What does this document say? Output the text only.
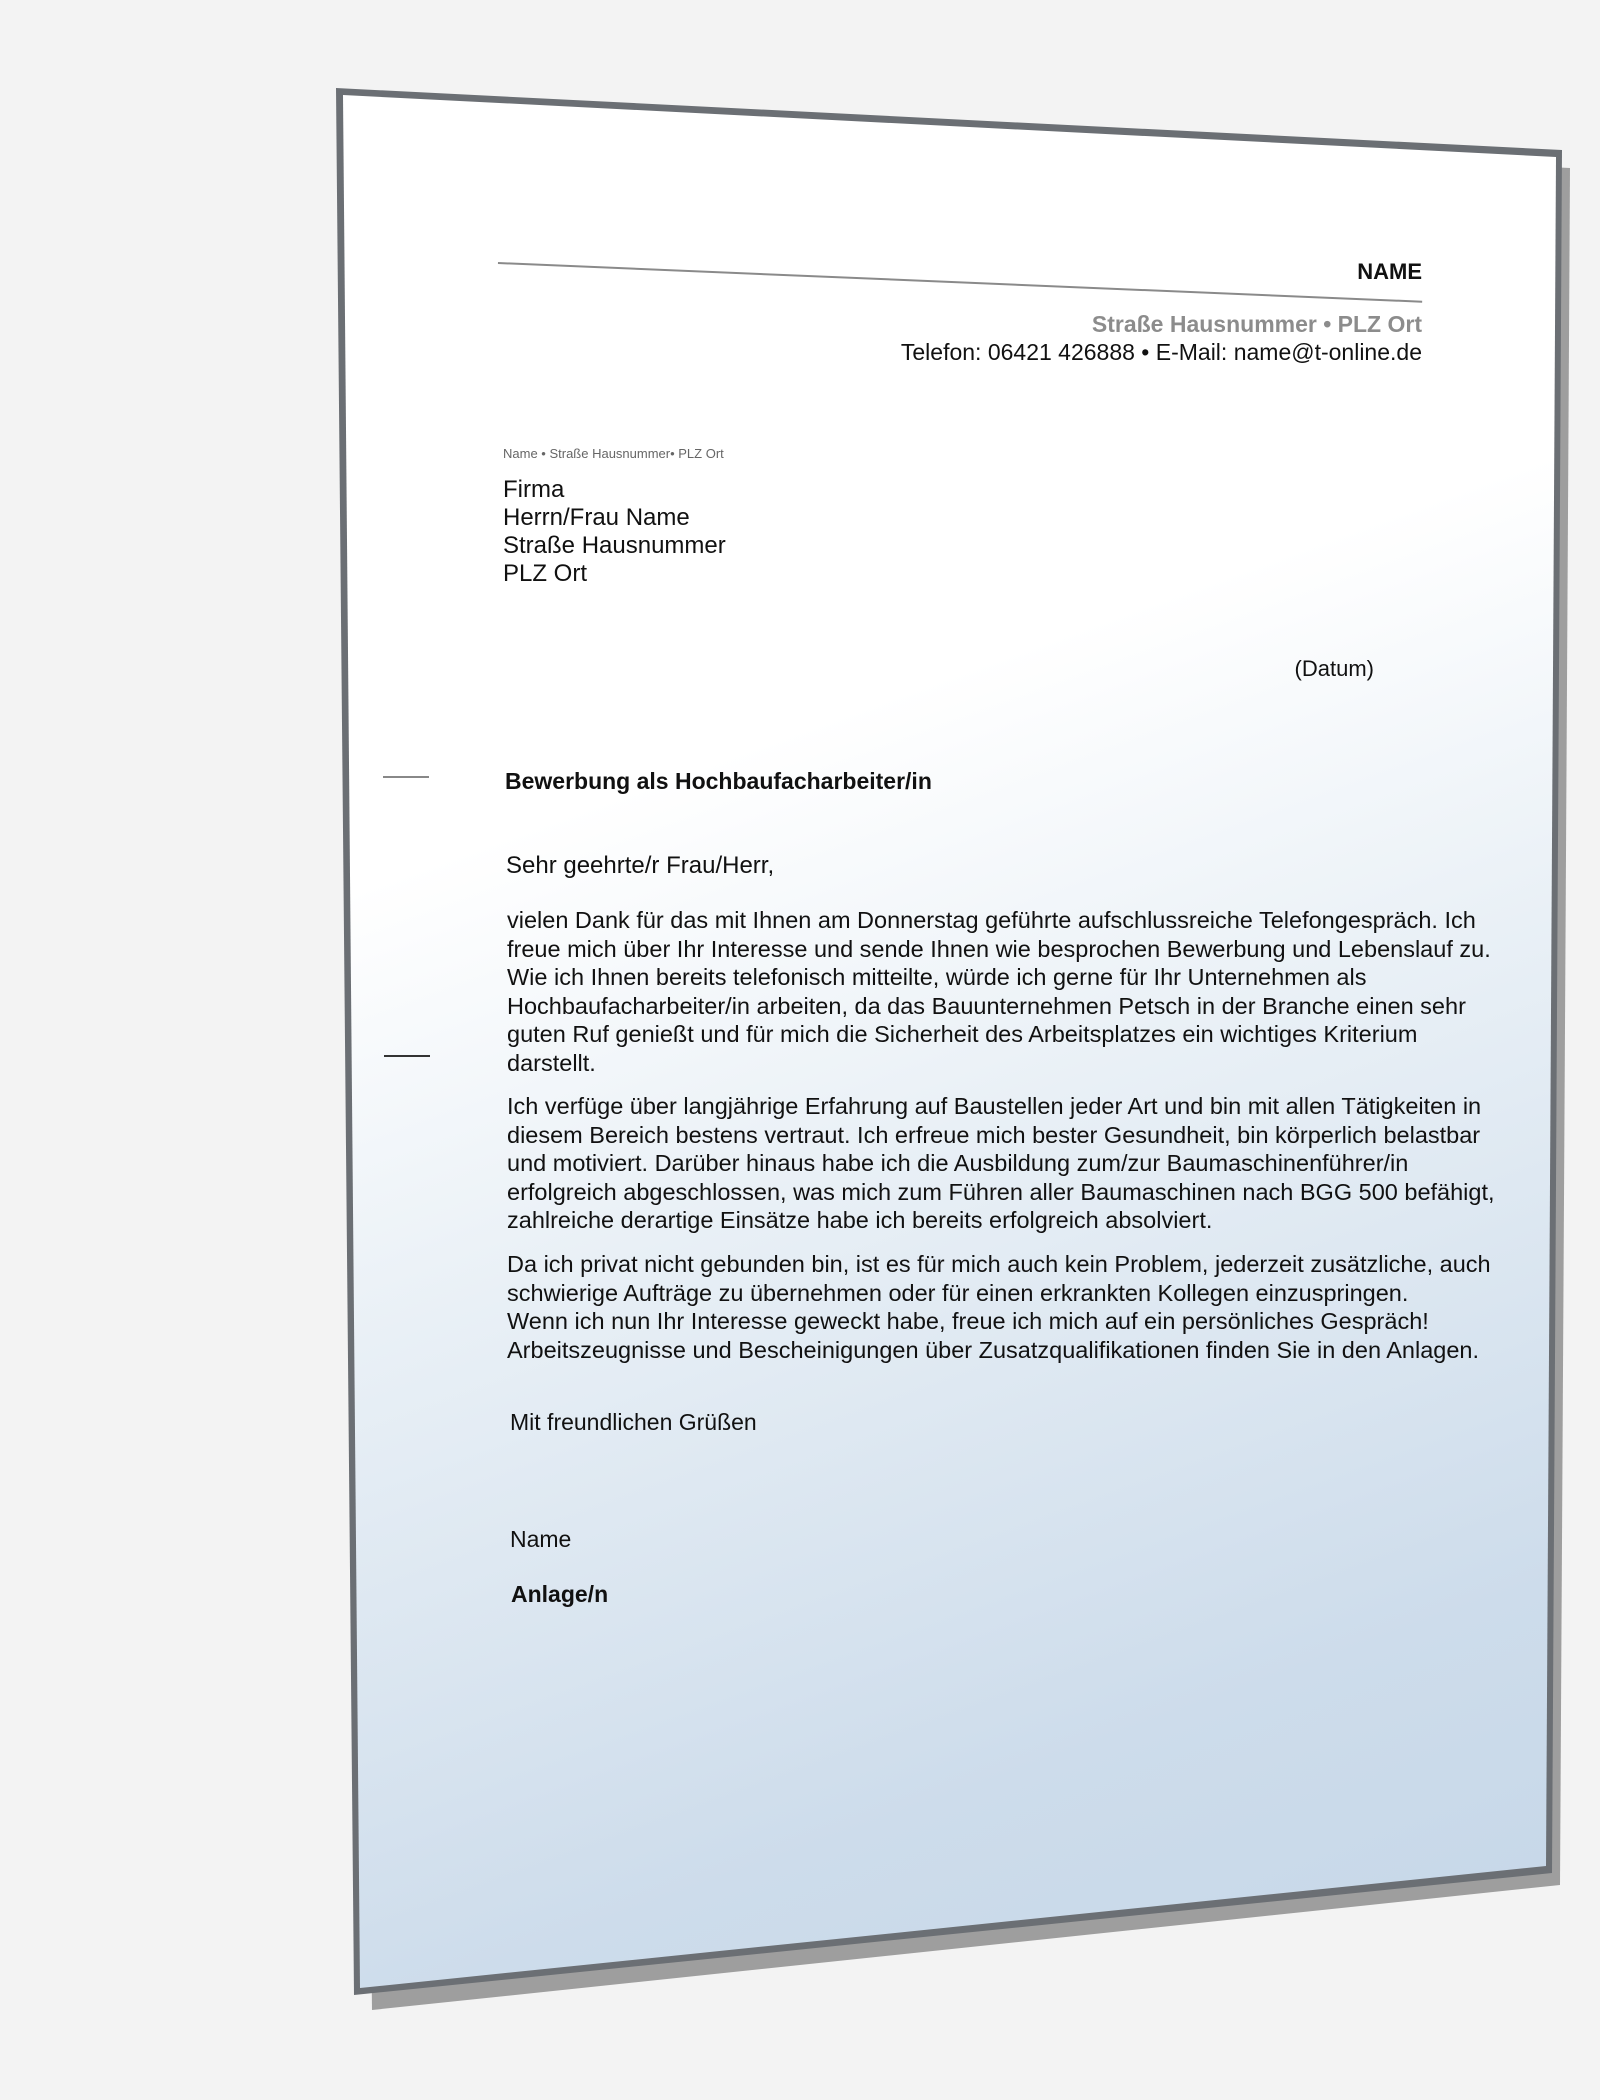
NAME
Straße Hausnummer • PLZ Ort
Telefon: 06421 426888 • E-Mail: name@t-online.de
Name • Straße Hausnummer• PLZ Ort
Firma
Herrn/Frau Name
Straße Hausnummer
PLZ Ort
(Datum)
Bewerbung als Hochbaufacharbeiter/in
Sehr geehrte/r Frau/Herr,
vielen Dank für das mit Ihnen am Donnerstag geführte aufschlussreiche Telefongespräch. Ich
freue mich über Ihr Interesse und sende Ihnen wie besprochen Bewerbung und Lebenslauf zu.
Wie ich Ihnen bereits telefonisch mitteilte, würde ich gerne für Ihr Unternehmen als
Hochbaufacharbeiter/in arbeiten, da das Bauunternehmen Petsch in der Branche einen sehr
guten Ruf genießt und für mich die Sicherheit des Arbeitsplatzes ein wichtiges Kriterium
darstellt.
Ich verfüge über langjährige Erfahrung auf Baustellen jeder Art und bin mit allen Tätigkeiten in
diesem Bereich bestens vertraut. Ich erfreue mich bester Gesundheit, bin körperlich belastbar
und motiviert. Darüber hinaus habe ich die Ausbildung zum/zur Baumaschinenführer/in
erfolgreich abgeschlossen, was mich zum Führen aller Baumaschinen nach BGG 500 befähigt,
zahlreiche derartige Einsätze habe ich bereits erfolgreich absolviert.
Da ich privat nicht gebunden bin, ist es für mich auch kein Problem, jederzeit zusätzliche, auch
schwierige Aufträge zu übernehmen oder für einen erkrankten Kollegen einzuspringen.
Wenn ich nun Ihr Interesse geweckt habe, freue ich mich auf ein persönliches Gespräch!
Arbeitszeugnisse und Bescheinigungen über Zusatzqualifikationen finden Sie in den Anlagen.
Mit freundlichen Grüßen
Name
Anlage/n
